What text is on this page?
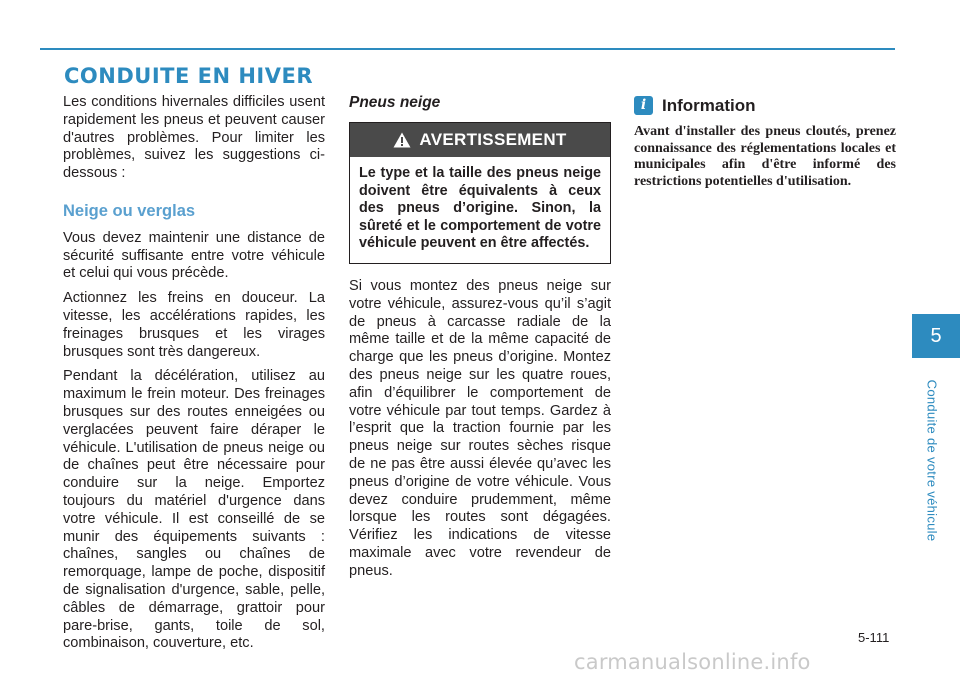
CONDUITE EN HIVER

Les conditions hivernales difficiles usent rapidement les pneus et peuvent causer d'autres problèmes. Pour limiter les problèmes, suivez les suggestions ci-dessous :

Neige ou verglas

Vous devez maintenir une distance de sécurité suffisante entre votre véhicule et celui qui vous précède.

Actionnez les freins en douceur. La vitesse, les accélérations rapides, les freinages brusques et les virages brusques sont très dangereux.

Pendant la décélération, utilisez au maximum le frein moteur. Des freinages brusques sur des routes enneigées ou verglacées peuvent faire déraper le véhicule. L'utilisation de pneus neige ou de chaînes peut être nécessaire pour conduire sur la neige. Emportez toujours du matériel d'urgence dans votre véhicule. Il est conseillé de se munir des équipements suivants : chaînes, sangles ou chaînes de remorquage, lampe de poche, dispositif de signalisation d'urgence, sable, pelle, câbles de démarrage, grattoir pour pare-brise, gants, toile de sol, combinaison, couverture, etc.

Pneus neige
AVERTISSEMENT
Le type et la taille des pneus neige doivent être équivalents à ceux des pneus d’origine. Sinon, la sûreté et le comportement de votre véhicule peuvent en être affectés.

Si vous montez des pneus neige sur votre véhicule, assurez-vous qu’il s’agit de pneus à carcasse radiale de la même taille et de la même capacité de charge que les pneus d’origine. Montez des pneus neige sur les quatre roues, afin d’équilibrer le comportement de votre véhicule par tout temps. Gardez à l’esprit que la traction fournie par les pneus neige sur routes sèches risque de ne pas être aussi élevée qu’avec les pneus d’origine de votre véhicule. Vous devez conduire prudemment, même lorsque les routes sont dégagées. Vérifiez les indications de vitesse maximale avec votre revendeur de pneus.

i Information
Avant d'installer des pneus cloutés, prenez connaissance des réglementations locales et municipales afin d'être informé des restrictions potentielles d'utilisation.
5
Conduite de votre véhicule
5-111
carmanualsonline.info
